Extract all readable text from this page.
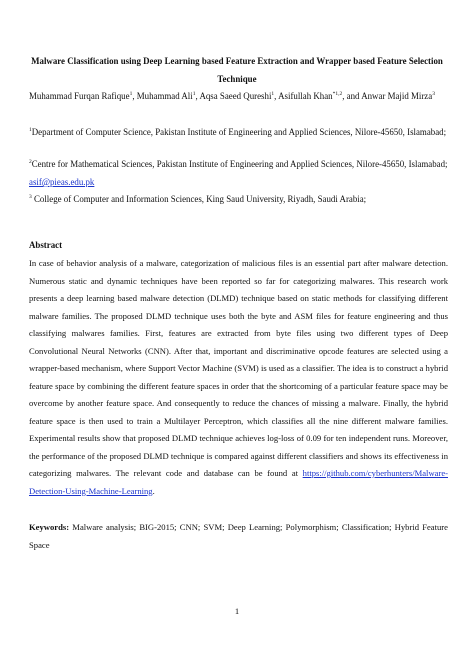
Malware Classification using Deep Learning based Feature Extraction and Wrapper based Feature Selection Technique
Muhammad Furqan Rafique$^1$, Muhammad Ali$^1$, Aqsa Saeed Qureshi$^1$, Asifullah Khan$^{*1,2}$, and Anwar Majid Mirza$^3$
$^1$Department of Computer Science, Pakistan Institute of Engineering and Applied Sciences, Nilore-45650, Islamabad;
$^2$Centre for Mathematical Sciences, Pakistan Institute of Engineering and Applied Sciences, Nilore-45650, Islamabad; asif@pieas.edu.pk
$^3$ College of Computer and Information Sciences, King Saud University, Riyadh, Saudi Arabia;
Abstract
In case of behavior analysis of a malware, categorization of malicious files is an essential part after malware detection. Numerous static and dynamic techniques have been reported so far for categorizing malwares. This research work presents a deep learning based malware detection (DLMD) technique based on static methods for classifying different malware families. The proposed DLMD technique uses both the byte and ASM files for feature engineering and thus classifying malwares families. First, features are extracted from byte files using two different types of Deep Convolutional Neural Networks (CNN). After that, important and discriminative opcode features are selected using a wrapper-based mechanism, where Support Vector Machine (SVM) is used as a classifier. The idea is to construct a hybrid feature space by combining the different feature spaces in order that the shortcoming of a particular feature space may be overcome by another feature space. And consequently to reduce the chances of missing a malware. Finally, the hybrid feature space is then used to train a Multilayer Perceptron, which classifies all the nine different malware families. Experimental results show that proposed DLMD technique achieves log-loss of 0.09 for ten independent runs. Moreover, the performance of the proposed DLMD technique is compared against different classifiers and shows its effectiveness in categorizing malwares. The relevant code and database can be found at https://github.com/cyberhunters/Malware-Detection-Using-Machine-Learning.
Keywords: Malware analysis; BIG-2015; CNN; SVM; Deep Learning; Polymorphism; Classification; Hybrid Feature Space
1
